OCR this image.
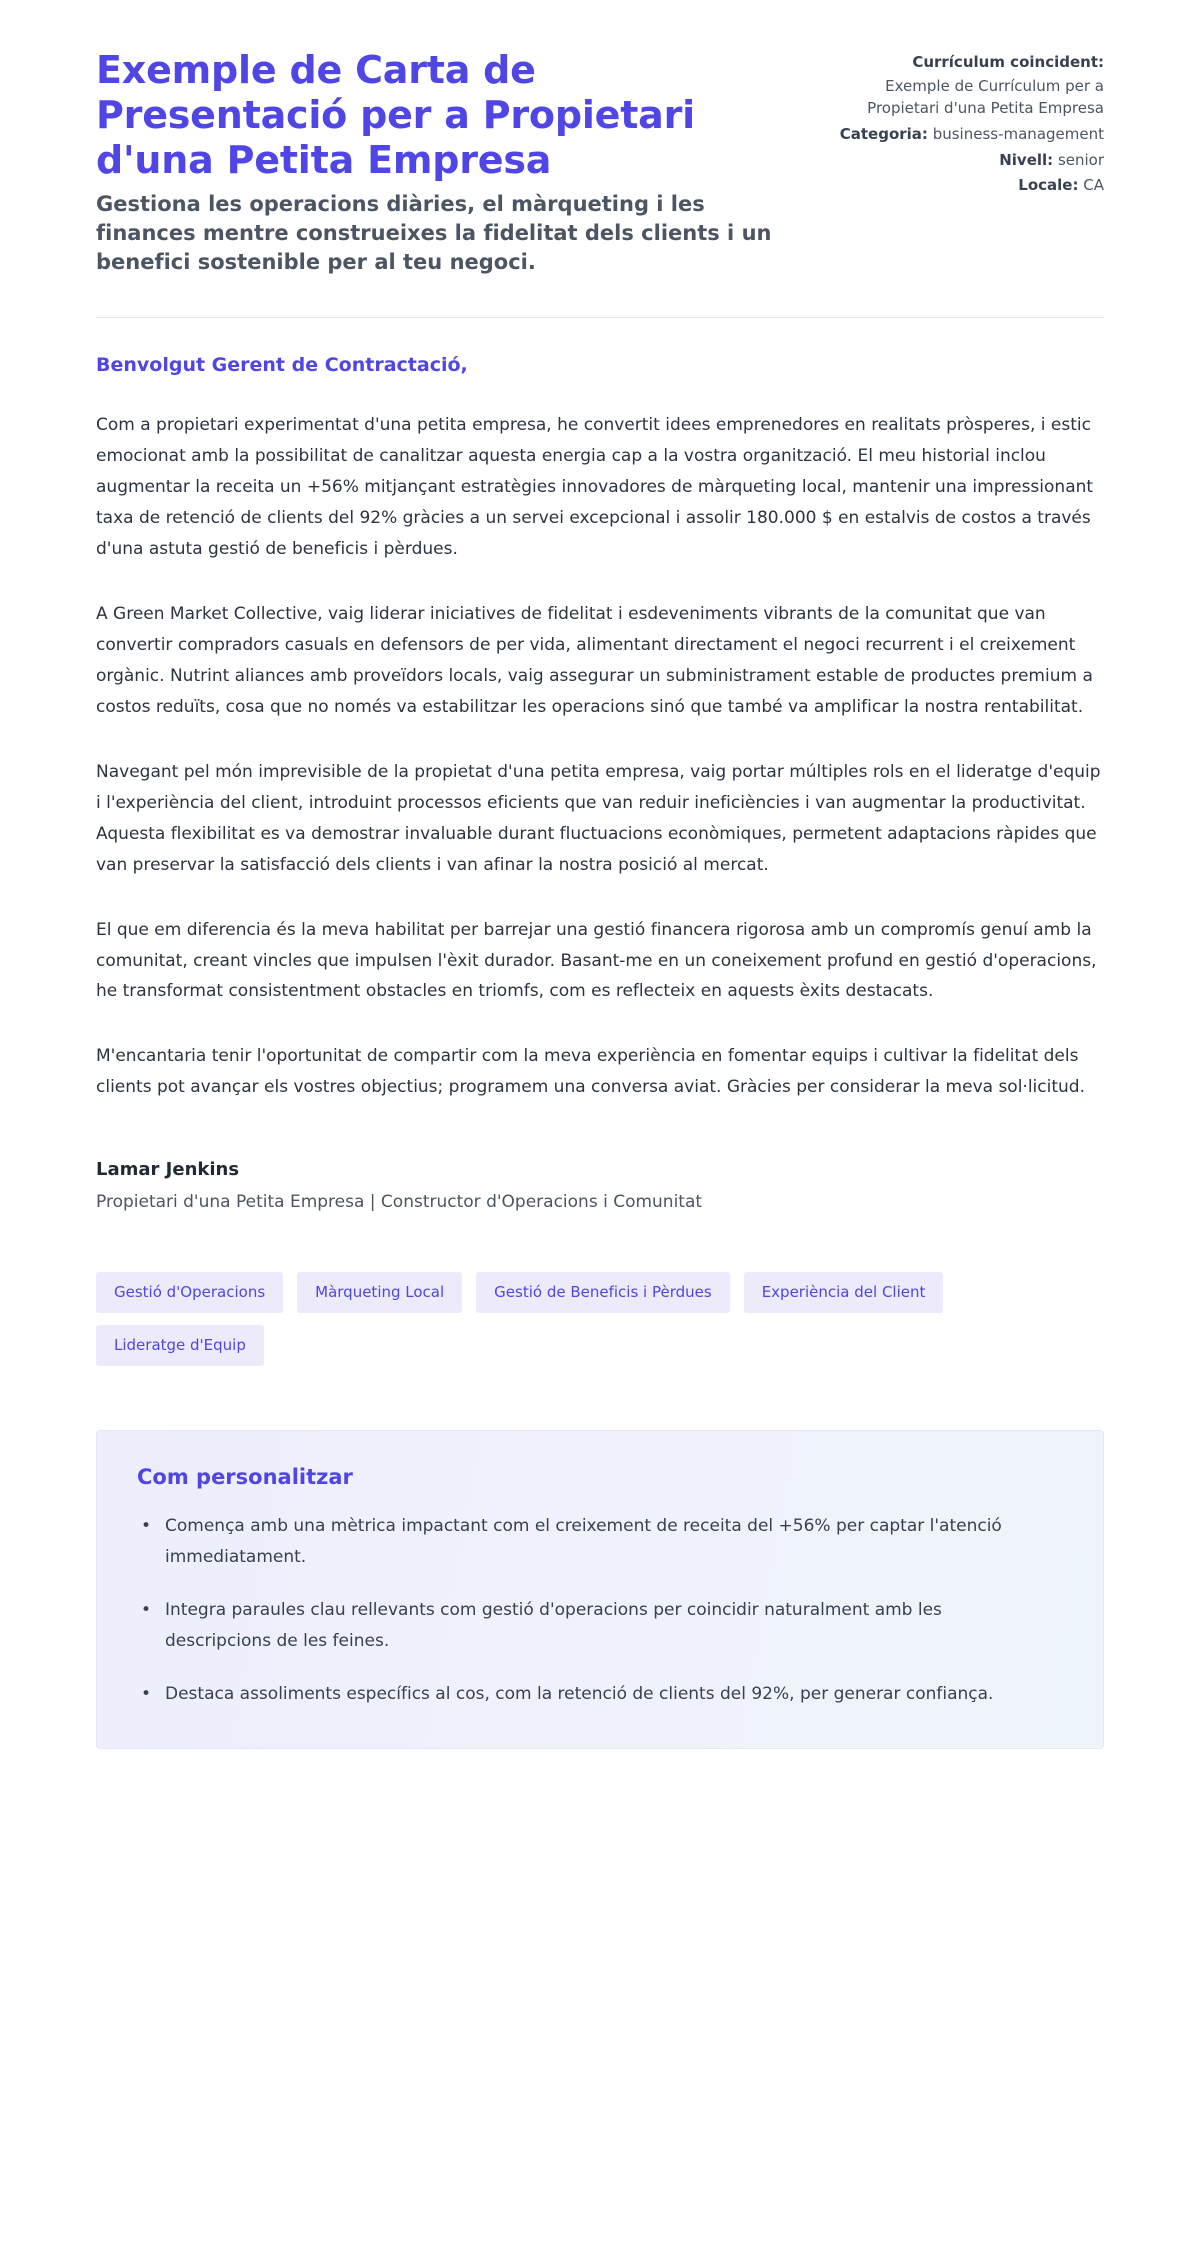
Exemple de Carta de Presentació per a Propietari d'una Petita Empresa

Gestiona les operacions diàries, el màrqueting i les finances mentre construeixes la fidelitat dels clients i un benefici sostenible per al teu negoci.

Currículum coincident:
Exemple de Currículum per a Propietari d'una Petita Empresa
Categoria: business-management
Nivell: senior
Locale: CA

Benvolgut Gerent de Contractació,

Com a propietari experimentat d'una petita empresa, he convertit idees emprenedores en realitats pròsperes, i estic emocionat amb la possibilitat de canalitzar aquesta energia cap a la vostra organització. El meu historial inclou augmentar la receita un +56% mitjançant estratègies innovadores de màrqueting local, mantenir una impressionant taxa de retenció de clients del 92% gràcies a un servei excepcional i assolir 180.000 $ en estalvis de costos a través d'una astuta gestió de beneficis i pèrdues.

A Green Market Collective, vaig liderar iniciatives de fidelitat i esdeveniments vibrants de la comunitat que van convertir compradors casuals en defensors de per vida, alimentant directament el negoci recurrent i el creixement orgànic. Nutrint aliances amb proveïdors locals, vaig assegurar un subministrament estable de productes premium a costos reduïts, cosa que no només va estabilitzar les operacions sinó que també va amplificar la nostra rentabilitat.

Navegant pel món imprevisible de la propietat d'una petita empresa, vaig portar múltiples rols en el lideratge d'equip i l'experiència del client, introduint processos eficients que van reduir ineficiències i van augmentar la productivitat. Aquesta flexibilitat es va demostrar invaluable durant fluctuacions econòmiques, permetent adaptacions ràpides que van preservar la satisfacció dels clients i van afinar la nostra posició al mercat.

El que em diferencia és la meva habilitat per barrejar una gestió financera rigorosa amb un compromís genuí amb la comunitat, creant vincles que impulsen l'èxit durador. Basant-me en un coneixement profund en gestió d'operacions, he transformat consistentment obstacles en triomfs, com es reflecteix en aquests èxits destacats.

M'encantaria tenir l'oportunitat de compartir com la meva experiència en fomentar equips i cultivar la fidelitat dels clients pot avançar els vostres objectius; programem una conversa aviat. Gràcies per considerar la meva sol·licitud.

Lamar Jenkins

Propietari d'una Petita Empresa | Constructor d'Operacions i Comunitat

Gestió d'Operacions	Màrqueting Local	Gestió de Beneficis i Pèrdues	Experiència del Client
Lideratge d'Equip
Com personalitzar
• Comença amb una mètrica impactant com el creixement de receita del +56% per captar l'atenció immediatament.
• Integra paraules clau rellevants com gestió d'operacions per coincidir naturalment amb les descripcions de les feines.
• Destaca assoliments específics al cos, com la retenció de clients del 92%, per generar confiança.
